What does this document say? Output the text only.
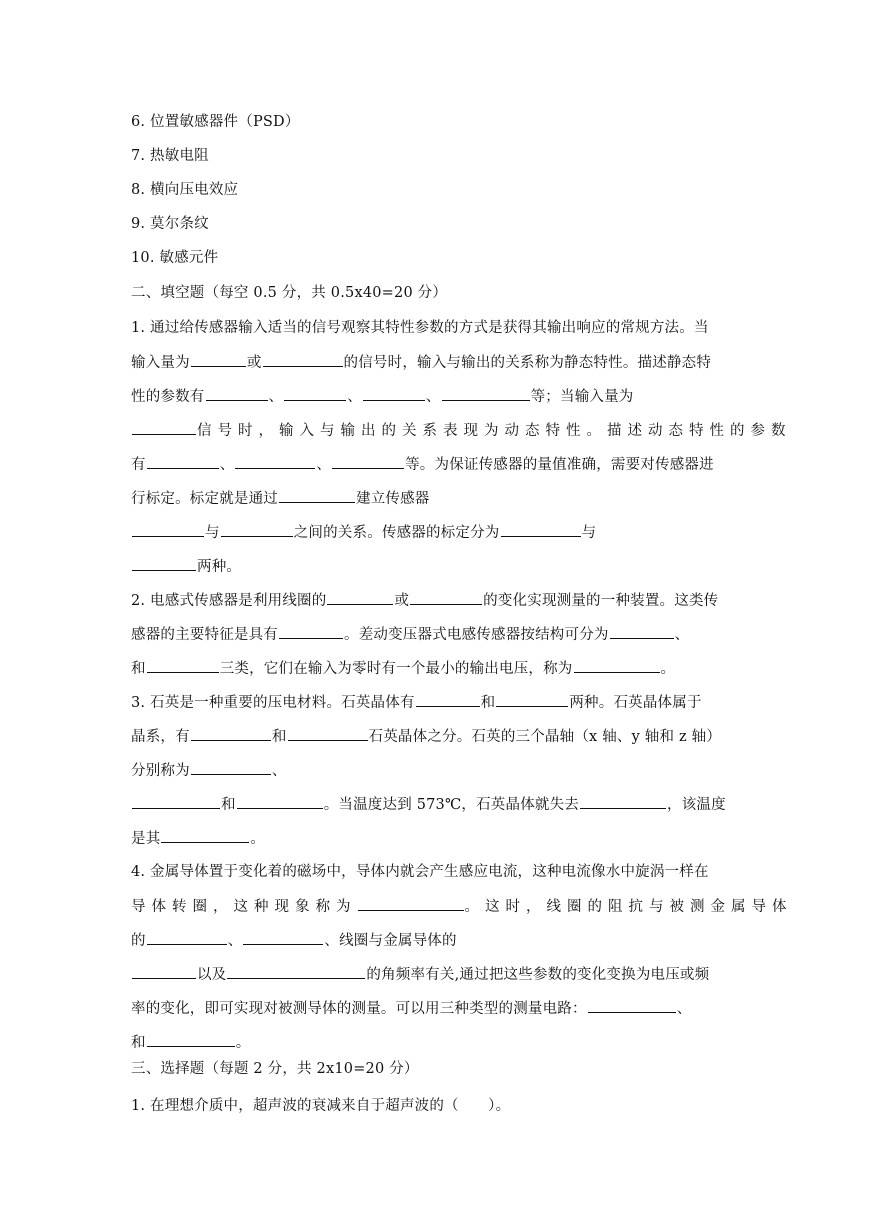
6. 位置敏感器件（PSD）
7. 热敏电阻
8. 横向压电效应
9. 莫尔条纹
10. 敏感元件
二、填空题（每空 0.5 分，共 0.5x40=20 分）
1. 通过给传感器输入适当的信号观察其特性参数的方式是获得其输出响应的常规方法。当
输入量为	或	的信号时，输入与输出的关系称为静态特性。描述静态特
性的参数有	、	、	、	等；当输入量为
信号时，输入与输出的关系表现为动态特性。描述动态特性的参数
有	、	、	等。为保证传感器的量值准确，需要对传感器进
行标定。标定就是通过	建立传感器
与	之间的关系。传感器的标定分为	与
两种。
2. 电感式传感器是利用线圈的	或	的变化实现测量的一种装置。这类传
感器的主要特征是具有	。差动变压器式电感传感器按结构可分为	、
和	三类，它们在输入为零时有一个最小的输出电压，称为	。
3. 石英是一种重要的压电材料。石英晶体有	和	两种。石英晶体属于
晶系，有	和	石英晶体之分。石英的三个晶轴（x 轴、y 轴和 z 轴）
分别称为	、
和	。当温度达到 573℃，石英晶体就失去	，该温度
是其	。
4. 金属导体置于变化着的磁场中，导体内就会产生感应电流，这种电流像水中旋涡一样在
导体转圈，这种现象称为	。这时，线圈的阻抗与被测金属导体
的	、	、线圈与金属导体的
以及	的角频率有关,通过把这些参数的变化变换为电压或频
率的变化，即可实现对被测导体的测量。可以用三种类型的测量电路：	、
和	。
三、选择题（每题 2 分，共 2x10=20 分）
1. 在理想介质中，超声波的衰减来自于超声波的（　　）。
